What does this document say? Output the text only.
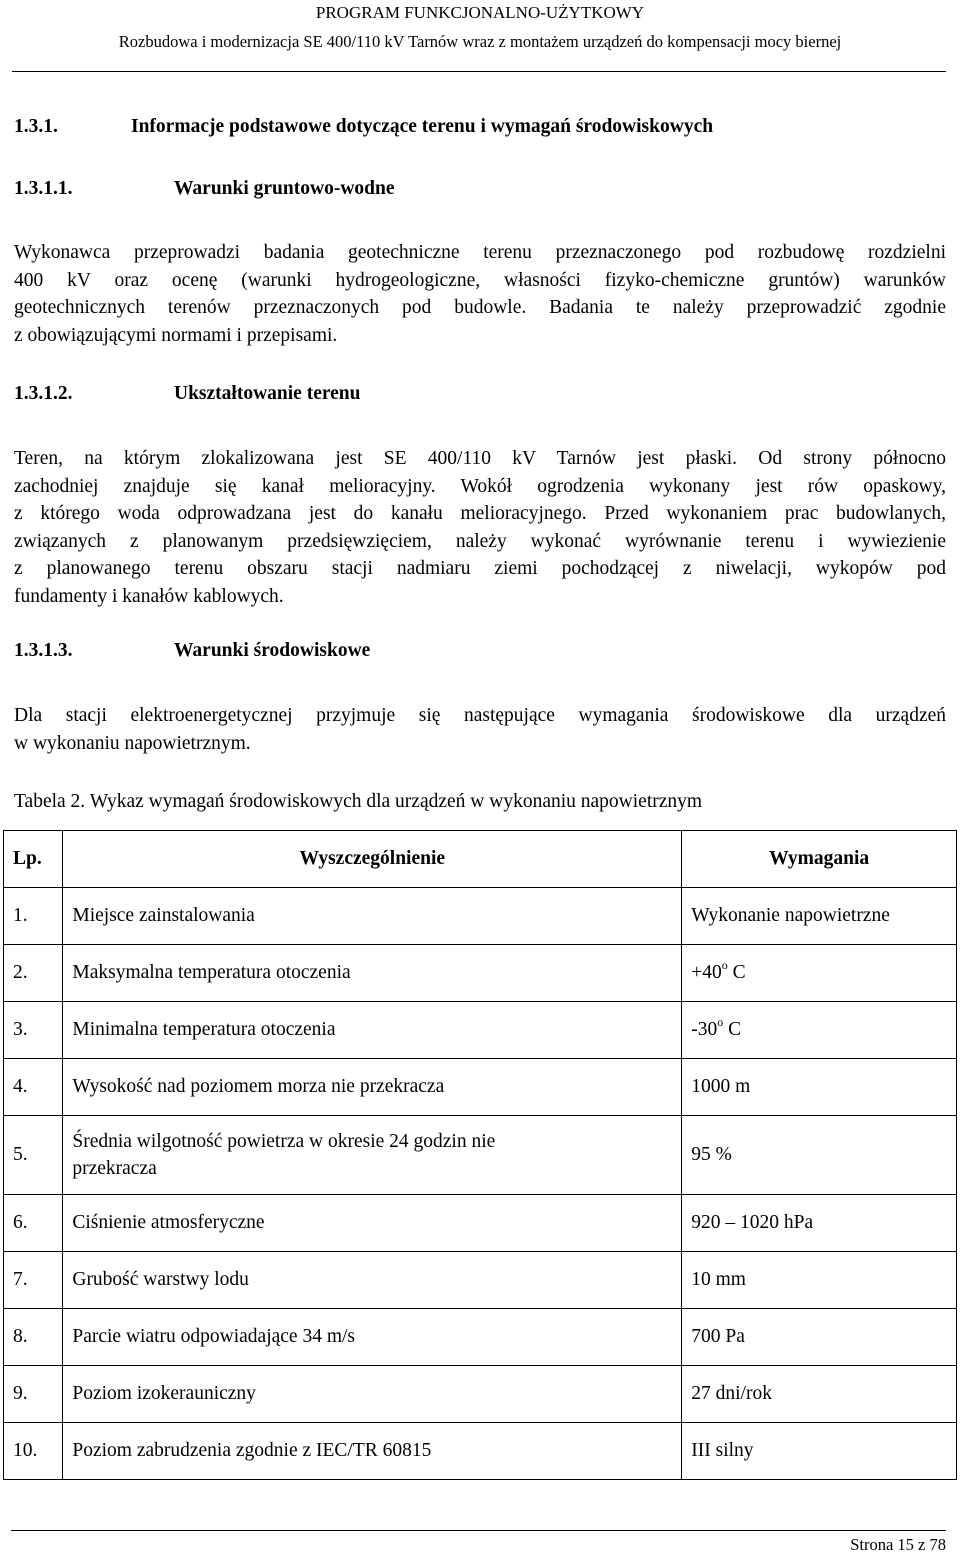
PROGRAM FUNKCJONALNO-UŻYTKOWY
Rozbudowa i modernizacja SE 400/110 kV Tarnów wraz z montażem urządzeń do kompensacji mocy biernej
1.3.1.	Informacje podstawowe dotyczące terenu i wymagań środowiskowych
1.3.1.1.	Warunki gruntowo-wodne
Wykonawca przeprowadzi badania geotechniczne terenu przeznaczonego pod rozbudowę rozdzielni
400 kV oraz ocenę (warunki hydrogeologiczne, własności fizyko-chemiczne gruntów) warunków
geotechnicznych terenów przeznaczonych pod budowle. Badania te należy przeprowadzić zgodnie
z obowiązującymi normami i przepisami.
1.3.1.2.	Ukształtowanie terenu
Teren, na którym zlokalizowana jest SE 400/110 kV Tarnów jest płaski. Od strony północno
zachodniej znajduje się kanał melioracyjny. Wokół ogrodzenia wykonany jest rów opaskowy,
z którego woda odprowadzana jest do kanału melioracyjnego. Przed wykonaniem prac budowlanych,
związanych z planowanym przedsięwzięciem, należy wykonać wyrównanie terenu i wywiezienie
z planowanego terenu obszaru stacji nadmiaru ziemi pochodzącej z niwelacji, wykopów pod
fundamenty i kanałów kablowych.
1.3.1.3.	Warunki środowiskowe
Dla stacji elektroenergetycznej przyjmuje się następujące wymagania środowiskowe dla urządzeń
w wykonaniu napowietrznym.
Tabela 2. Wykaz wymagań środowiskowych dla urządzeń w wykonaniu napowietrznym
Lp.	Wyszczególnienie	Wymagania
1.	Miejsce zainstalowania	Wykonanie napowietrzne
2.	Maksymalna temperatura otoczenia	$+40^o$ C
3.	Minimalna temperatura otoczenia	-30$^o$ C
4.	Wysokość nad poziomem morza nie przekracza	1000 m
5.	Średnia wilgotność powietrza w okresie 24 godzin nie przekracza	95 %
6.	Ciśnienie atmosferyczne	920 – 1020 hPa
7.	Grubość warstwy lodu	10 mm
8.	Parcie wiatru odpowiadające 34 m/s	700 Pa
9.	Poziom izokerauniczny	27 dni/rok
10.	Poziom zabrudzenia zgodnie z IEC/TR 60815	III silny
Strona 15 z 78
